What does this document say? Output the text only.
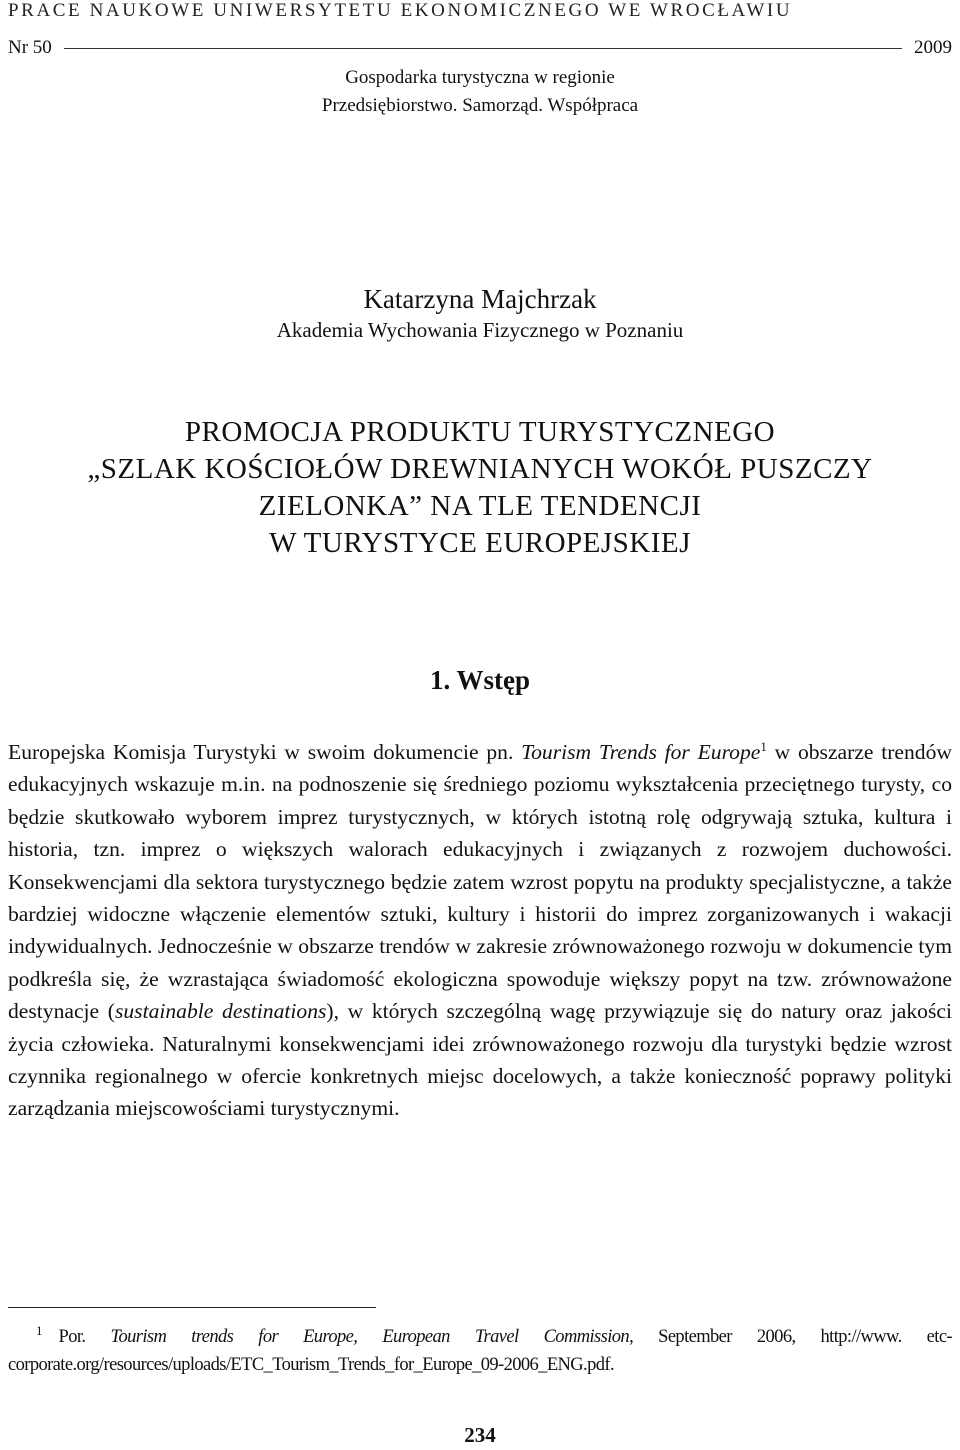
PRACE NAUKOWE UNIWERSYTETU EKONOMICZNEGO WE WROCŁAWIU
Nr 50	2009
Gospodarka turystyczna w regionie
Przedsiębiorstwo. Samorząd. Współpraca
Katarzyna Majchrzak
Akademia Wychowania Fizycznego w Poznaniu
PROMOCJA PRODUKTU TURYSTYCZNEGO
„SZLAK KOŚCIOŁÓW DREWNIANYCH WOKÓŁ PUSZCZY
ZIELONKA” NA TLE TENDENCJI
W TURYSTYCE EUROPEJSKIEJ
1. Wstęp

Europejska Komisja Turystyki w swoim dokumencie pn. Tourism Trends for Europe$^1$ w obszarze trendów edukacyjnych wskazuje m.in. na podnoszenie się średniego poziomu wykształcenia przeciętnego turysty, co będzie skutkowało wyborem imprez turystycznych, w których istotną rolę odgrywają sztuka, kultura i historia, tzn. imprez o większych walorach edukacyjnych i związanych z rozwojem duchowości. Konsekwencjami dla sektora turystycznego będzie zatem wzrost popytu na produkty specjalistyczne, a także bardziej widoczne włączenie elementów sztuki, kultury i historii do imprez zorganizowanych i wakacji indywidualnych. Jednocześnie w obszarze trendów w zakresie zrównoważonego rozwoju w dokumencie tym podkreśla się, że wzrastająca świadomość ekologiczna spowoduje większy popyt na tzw. zrównoważone destynacje (sustainable destinations), w których szczególną wagę przywiązuje się do natury oraz jakości życia człowieka. Naturalnymi konsekwencjami idei zrównoważonego rozwoju dla turystyki będzie wzrost czynnika regionalnego w ofercie konkretnych miejsc docelowych, a także konieczność poprawy polityki zarządzania miejscowościami turystycznymi.

$^1$ Por. Tourism trends for Europe, European Travel Commission, September 2006, http://www. etc-corporate.org/resources/uploads/ETC_Tourism_Trends_for_Europe_09-2006_ENG.pdf.
234
